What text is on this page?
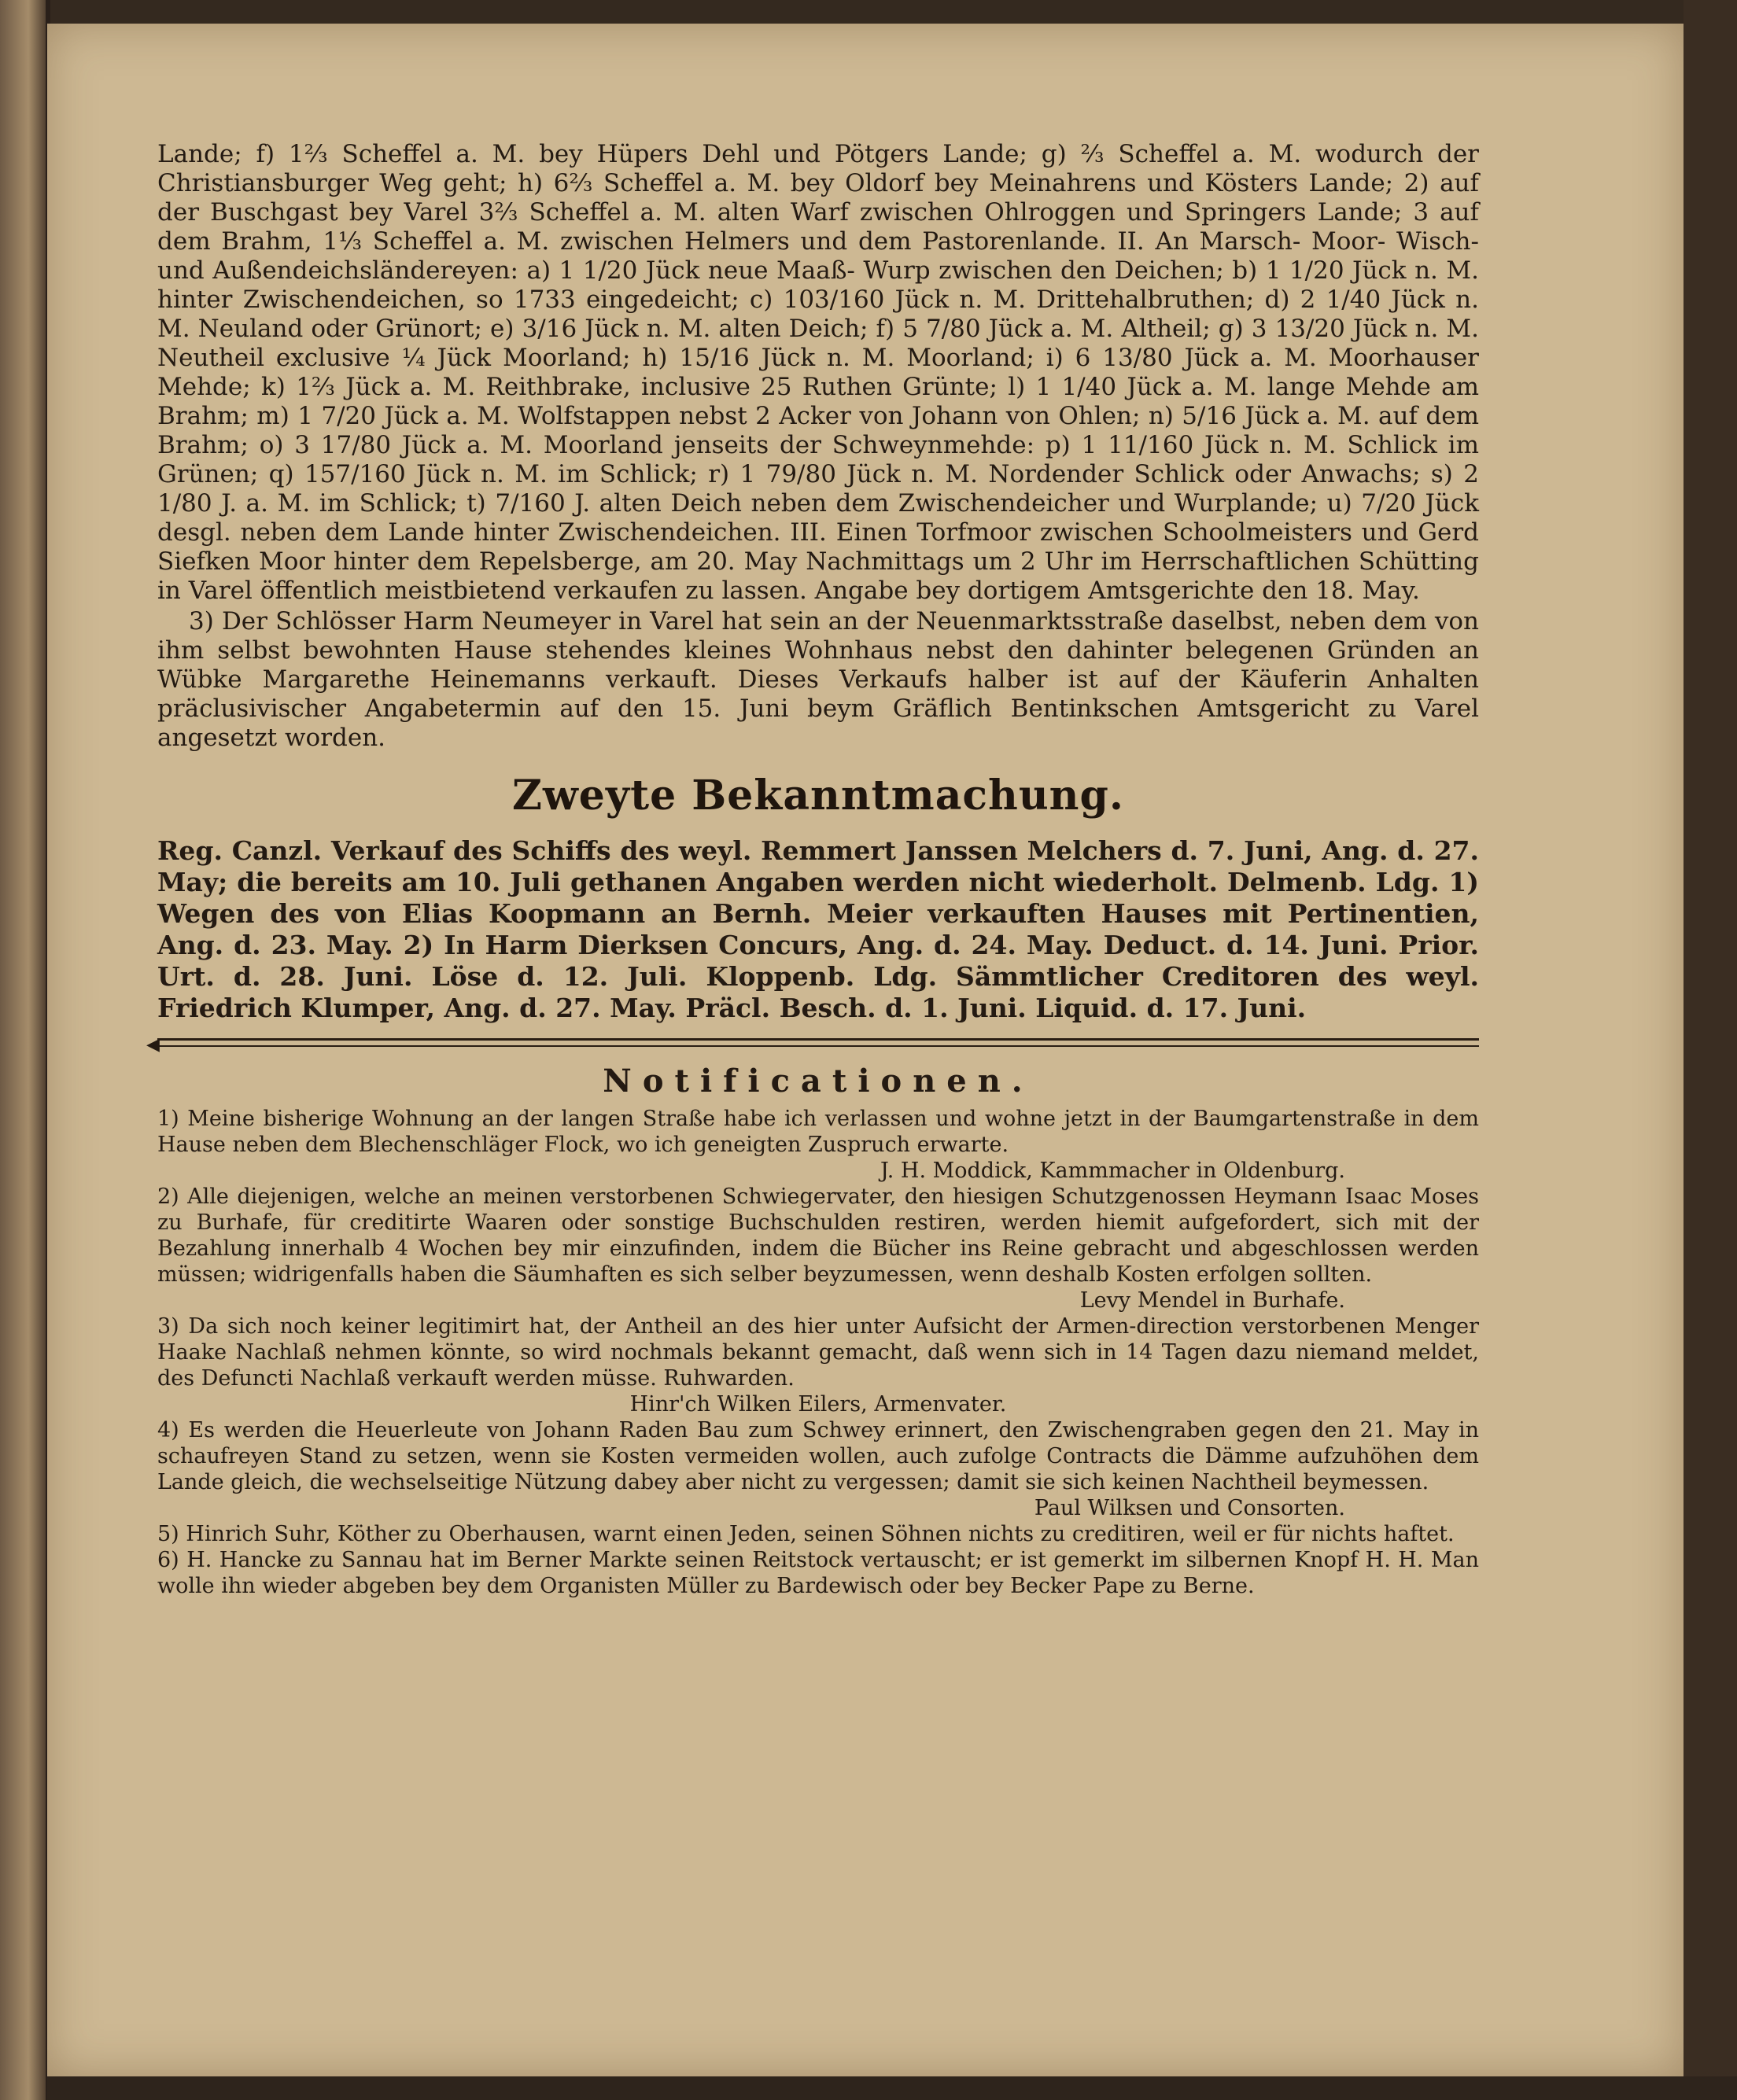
Lande; f) 1⅔ Scheffel a. M. bey Hüpers Dehl und Pötgers Lande; g) ⅔ Scheffel a. M. wodurch der Christiansburger Weg geht; h) 6⅔ Scheffel a. M. bey Oldorf bey Meinahrens und Kösters Lande; 2) auf der Buschgast bey Varel 3⅔ Scheffel a. M. alten Warf zwischen Ohlroggen und Springers Lande; 3 auf dem Brahm, 1⅓ Scheffel a. M. zwischen Helmers und dem Pastorenlande. II. An Marsch- Moor- Wisch- und Außendeichsländereyen: a) 1 1/20 Jück neue Maaß- Wurp zwischen den Deichen; b) 1 1/20 Jück n. M. hinter Zwischendeichen, so 1733 eingedeicht; c) 103/160 Jück n. M. Drittehalbruthen; d) 2 1/40 Jück n. M. Neuland oder Grünort; e) 3/16 Jück n. M. alten Deich; f) 5 7/80 Jück a. M. Altheil; g) 3 13/20 Jück n. M. Neutheil exclusive ¼ Jück Moorland; h) 15/16 Jück n. M. Moorland; i) 6 13/80 Jück a. M. Moorhauser Mehde; k) 1⅔ Jück a. M. Reithbrake, inclusive 25 Ruthen Grünte; l) 1 1/40 Jück a. M. lange Mehde am Brahm; m) 1 7/20 Jück a. M. Wolfstappen nebst 2 Acker von Johann von Ohlen; n) 5/16 Jück a. M. auf dem Brahm; o) 3 17/80 Jück a. M. Moorland jenseits der Schweynmehde: p) 1 11/160 Jück n. M. Schlick im Grünen; q) 157/160 Jück n. M. im Schlick; r) 1 79/80 Jück n. M. Nordender Schlick oder Anwachs; s) 2 1/80 J. a. M. im Schlick; t) 7/160 J. alten Deich neben dem Zwischendeicher und Wurplande; u) 7/20 Jück desgl. neben dem Lande hinter Zwischendeichen. III. Einen Torfmoor zwischen Schoolmeisters und Gerd Siefken Moor hinter dem Repelsberge, am 20. May Nachmittags um 2 Uhr im Herrschaftlichen Schütting in Varel öffentlich meistbietend verkaufen zu lassen. Angabe bey dortigem Amtsgerichte den 18. May.

3) Der Schlösser Harm Neumeyer in Varel hat sein an der Neuenmarktsstraße daselbst, neben dem von ihm selbst bewohnten Hause stehendes kleines Wohnhaus nebst den dahinter belegenen Gründen an Wübke Margarethe Heinemanns verkauft. Dieses Verkaufs halber ist auf der Käuferin Anhalten präclusivischer Angabetermin auf den 15. Juni beym Gräflich Bentinkschen Amtsgericht zu Varel angesetzt worden.

Zweyte Bekanntmachung.

Reg. Canzl. Verkauf des Schiffs des weyl. Remmert Janssen Melchers d. 7. Juni, Ang. d. 27. May; die bereits am 10. Juli gethanen Angaben werden nicht wiederholt. Delmenb. Ldg. 1) Wegen des von Elias Koopmann an Bernh. Meier verkauften Hauses mit Pertinentien, Ang. d. 23. May. 2) In Harm Dierksen Concurs, Ang. d. 24. May. Deduct. d. 14. Juni. Prior. Urt. d. 28. Juni. Löse d. 12. Juli. Kloppenb. Ldg. Sämmtlicher Creditoren des weyl. Friedrich Klumper, Ang. d. 27. May. Präcl. Besch. d. 1. Juni. Liquid. d. 17. Juni.

◀
Notificationen.

1) Meine bisherige Wohnung an der langen Straße habe ich verlassen und wohne jetzt in der Baumgartenstraße in dem Hause neben dem Blechenschläger Flock, wo ich geneigten Zuspruch erwarte.

J. H. Moddick, Kammmacher in Oldenburg.

2) Alle diejenigen, welche an meinen verstorbenen Schwiegervater, den hiesigen Schutzgenossen Heymann Isaac Moses zu Burhafe, für creditirte Waaren oder sonstige Buchschulden restiren, werden hiemit aufgefordert, sich mit der Bezahlung innerhalb 4 Wochen bey mir einzufinden, indem die Bücher ins Reine gebracht und abgeschlossen werden müssen; widrigenfalls haben die Säumhaften es sich selber beyzumessen, wenn deshalb Kosten erfolgen sollten.

Levy Mendel in Burhafe.

3) Da sich noch keiner legitimirt hat, der Antheil an des hier unter Aufsicht der Armen-direction verstorbenen Menger Haake Nachlaß nehmen könnte, so wird nochmals bekannt gemacht, daß wenn sich in 14 Tagen dazu niemand meldet, des Defuncti Nachlaß verkauft werden müsse. Ruhwarden.

Hinr'ch Wilken Eilers, Armenvater.

4) Es werden die Heuerleute von Johann Raden Bau zum Schwey erinnert, den Zwischengraben gegen den 21. May in schaufreyen Stand zu setzen, wenn sie Kosten vermeiden wollen, auch zufolge Contracts die Dämme aufzuhöhen dem Lande gleich, die wechselseitige Nützung dabey aber nicht zu vergessen; damit sie sich keinen Nachtheil beymessen.

Paul Wilksen und Consorten.

5) Hinrich Suhr, Köther zu Oberhausen, warnt einen Jeden, seinen Söhnen nichts zu creditiren, weil er für nichts haftet.

6) H. Hancke zu Sannau hat im Berner Markte seinen Reitstock vertauscht; er ist gemerkt im silbernen Knopf H. H. Man wolle ihn wieder abgeben bey dem Organisten Müller zu Bardewisch oder bey Becker Pape zu Berne.
